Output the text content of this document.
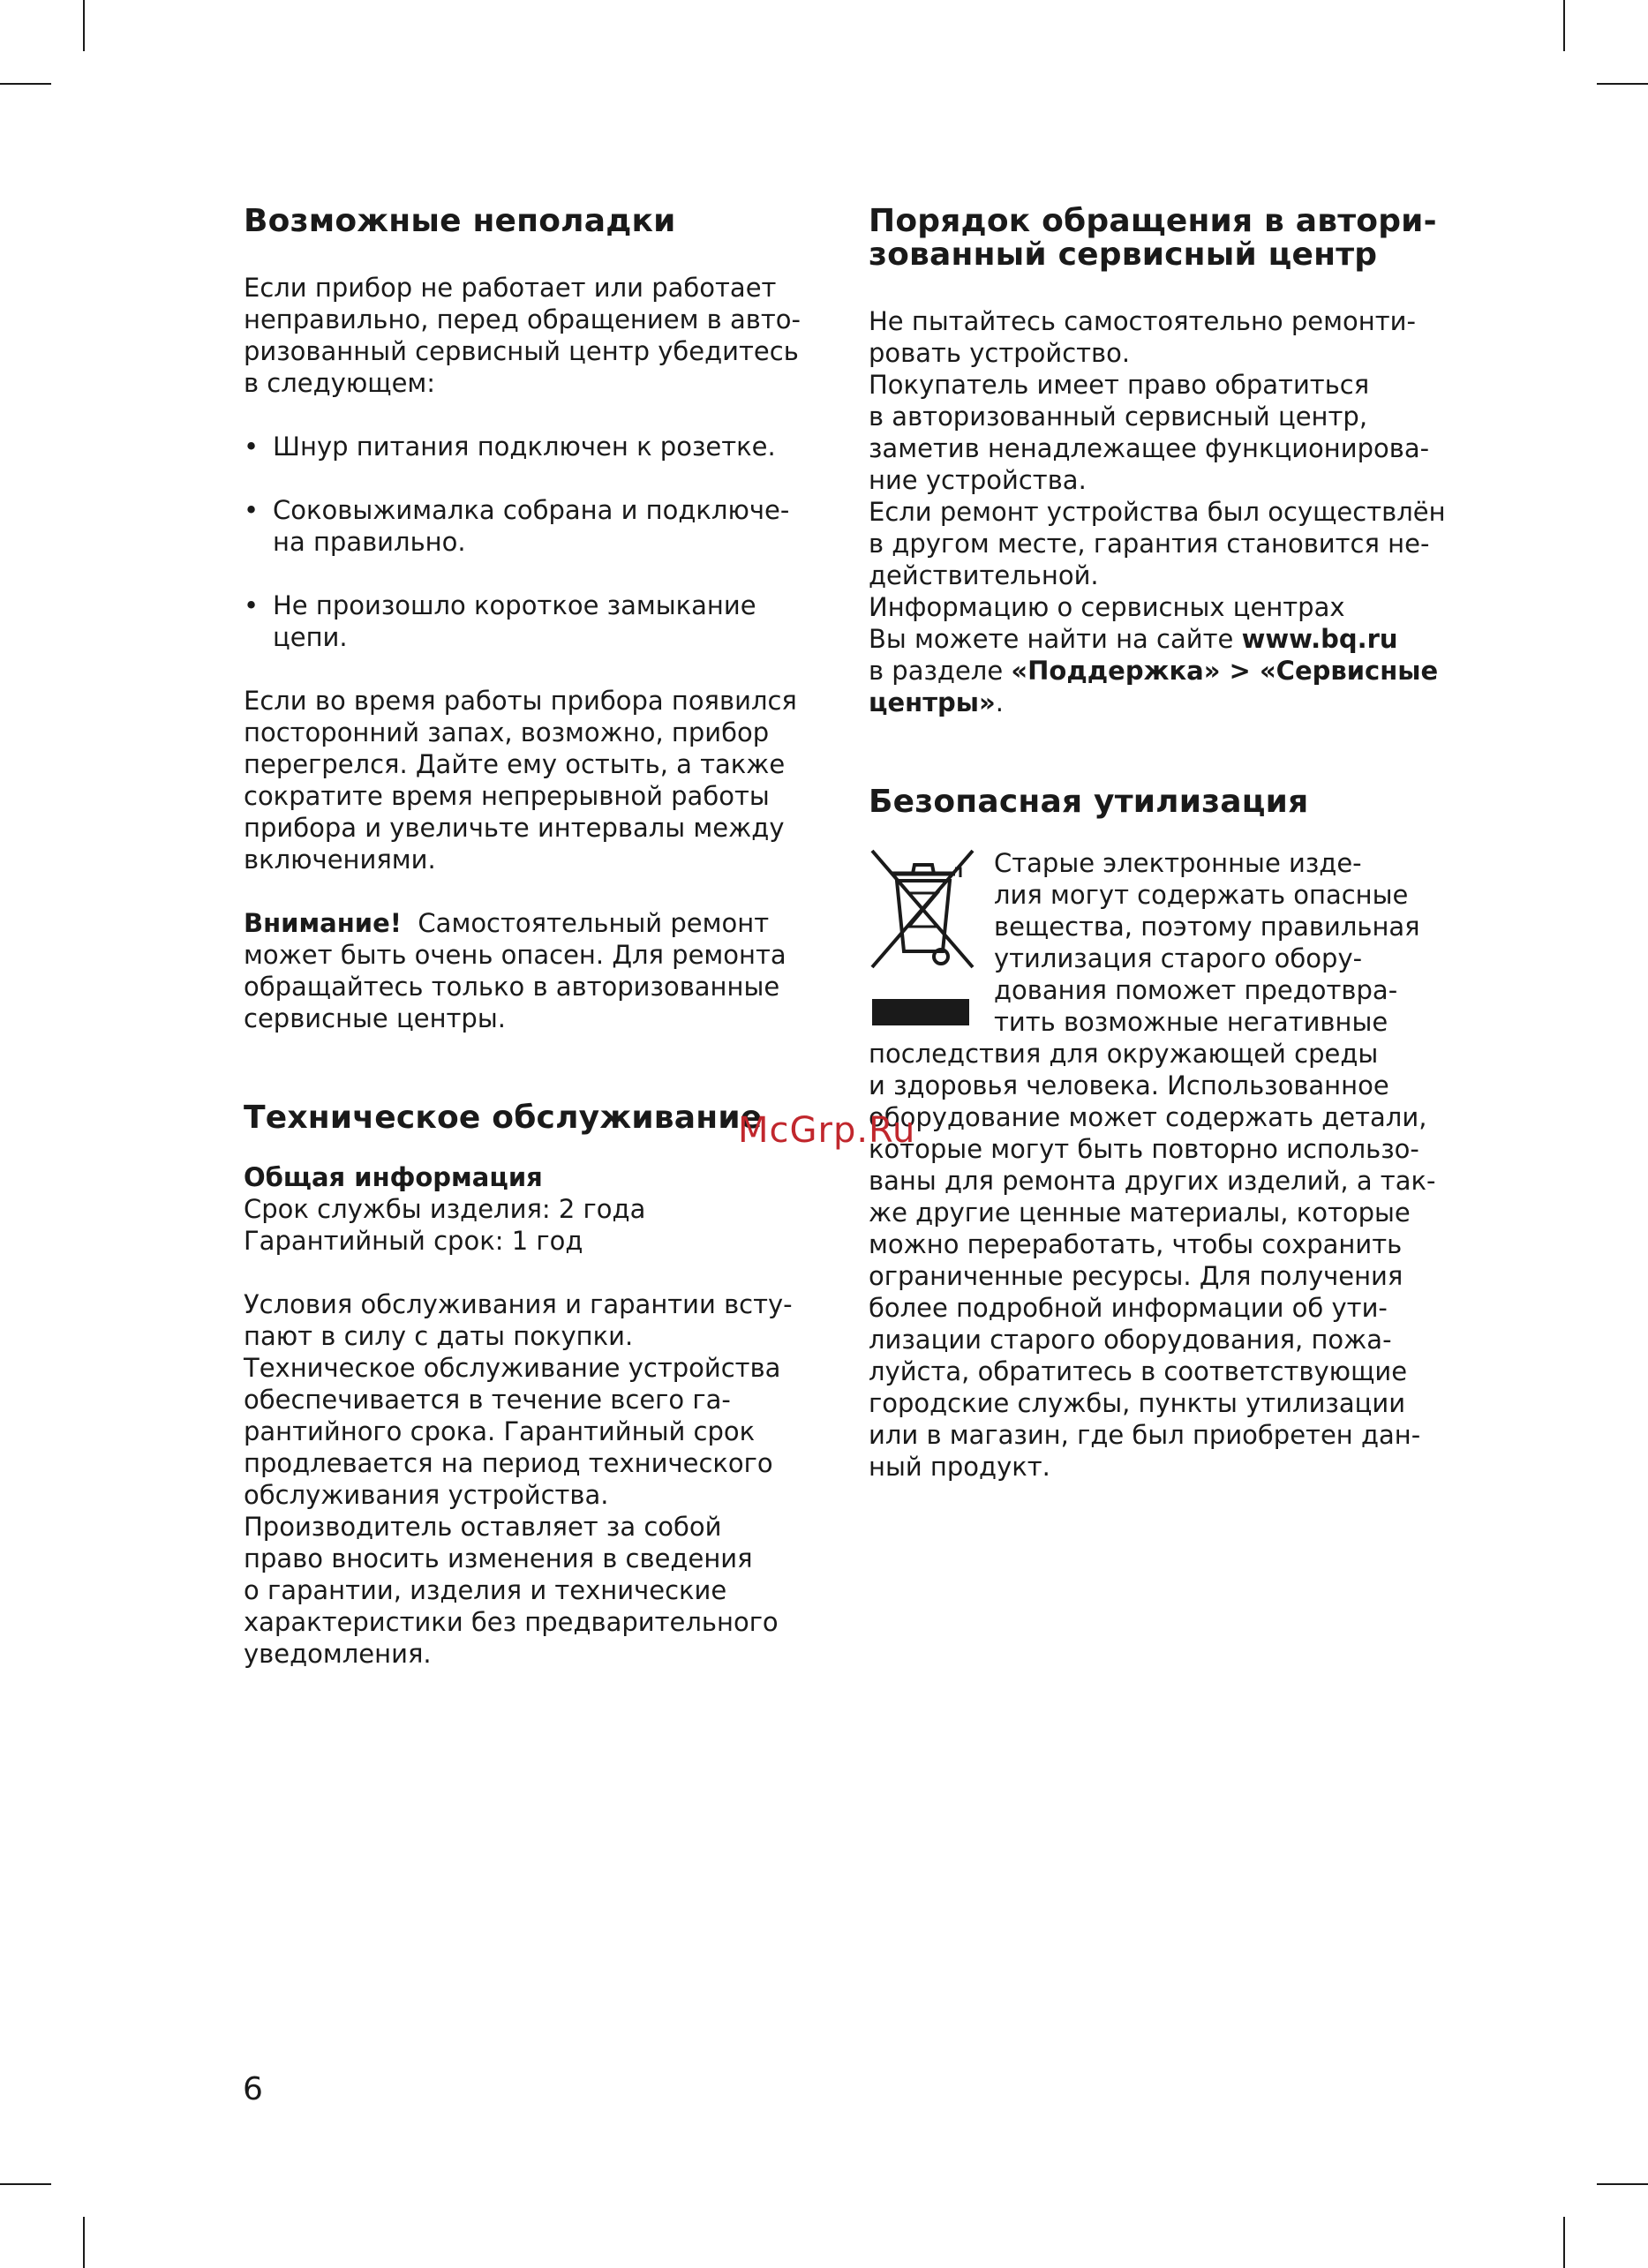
Возможные неполадки
Если прибор не работает или работает
неправильно, перед обращением в авто-
ризованный сервисный центр убедитесь
в следующем:
• Шнур питания подключен к розетке.
• Соковыжималка собрана и подключе-
на правильно.
• Не произошло короткое замыкание
цепи.
Если во время работы прибора появился
посторонний запах, возможно, прибор
перегрелся. Дайте ему остыть, а также
сократите время непрерывной работы
прибора и увеличьте интервалы между
включениями.
Внимание!  Самостоятельный ремонт
может быть очень опасен. Для ремонта
обращайтесь только в авторизованные
сервисные центры.
Техническое обслуживание
Общая информация
Срок службы изделия: 2 года
Гарантийный срок: 1 год
Условия обслуживания и гарантии всту-
пают в силу с даты покупки.
Техническое обслуживание устройства
обеспечивается в течение всего га-
рантийного срока. Гарантийный срок
продлевается на период технического
обслуживания устройства.
Производитель оставляет за собой
право вносить изменения в сведения
о гарантии, изделия и технические
характеристики без предварительного
уведомления.
Порядок обращения в автори-
зованный сервисный центр
Не пытайтесь самостоятельно ремонти-
ровать устройство.
Покупатель имеет право обратиться
в авторизованный сервисный центр,
заметив ненадлежащее функционирова-
ние устройства.
Если ремонт устройства был осуществлён
в другом месте, гарантия становится не-
действительной.
Информацию о сервисных центрах
Вы можете найти на сайте www.bq.ru
в разделе «Поддержка» > «Сервисные
центры».
Безопасная утилизация
Старые электронные изде-
лия могут содержать опасные
вещества, поэтому правильная
утилизация старого обору-
дования поможет предотвра-
тить возможные негативные
последствия для окружающей среды
и здоровья человека. Использованное
оборудование может содержать детали,
которые могут быть повторно использо-
ваны для ремонта других изделий, а так-
же другие ценные материалы, которые
можно переработать, чтобы сохранить
ограниченные ресурсы. Для получения
более подробной информации об ути-
лизации старого оборудования, пожа-
луйста, обратитесь в соответствующие
городские службы, пункты утилизации
или в магазин, где был приобретен дан-
ный продукт.
McGrp.Ru
6
